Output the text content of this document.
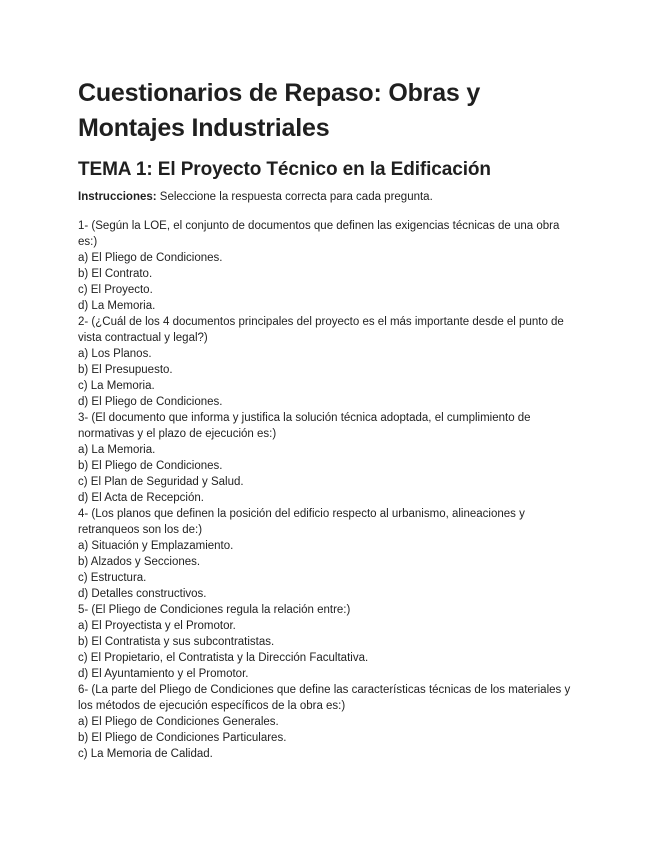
Cuestionarios de Repaso: Obras y Montajes Industriales
TEMA 1: El Proyecto Técnico en la Edificación

Instrucciones: Seleccione la respuesta correcta para cada pregunta.

1- (Según la LOE, el conjunto de documentos que definen las exigencias técnicas de una obra es:)
a) El Pliego de Condiciones.
b) El Contrato.
c) El Proyecto.
d) La Memoria.
2- (¿Cuál de los 4 documentos principales del proyecto es el más importante desde el punto de vista contractual y legal?)
a) Los Planos.
b) El Presupuesto.
c) La Memoria.
d) El Pliego de Condiciones.
3- (El documento que informa y justifica la solución técnica adoptada, el cumplimiento de normativas y el plazo de ejecución es:)
a) La Memoria.
b) El Pliego de Condiciones.
c) El Plan de Seguridad y Salud.
d) El Acta de Recepción.
4- (Los planos que definen la posición del edificio respecto al urbanismo, alineaciones y retranqueos son los de:)
a) Situación y Emplazamiento.
b) Alzados y Secciones.
c) Estructura.
d) Detalles constructivos.
5- (El Pliego de Condiciones regula la relación entre:)
a) El Proyectista y el Promotor.
b) El Contratista y sus subcontratistas.
c) El Propietario, el Contratista y la Dirección Facultativa.
d) El Ayuntamiento y el Promotor.
6- (La parte del Pliego de Condiciones que define las características técnicas de los materiales y los métodos de ejecución específicos de la obra es:)
a) El Pliego de Condiciones Generales.
b) El Pliego de Condiciones Particulares.
c) La Memoria de Calidad.
